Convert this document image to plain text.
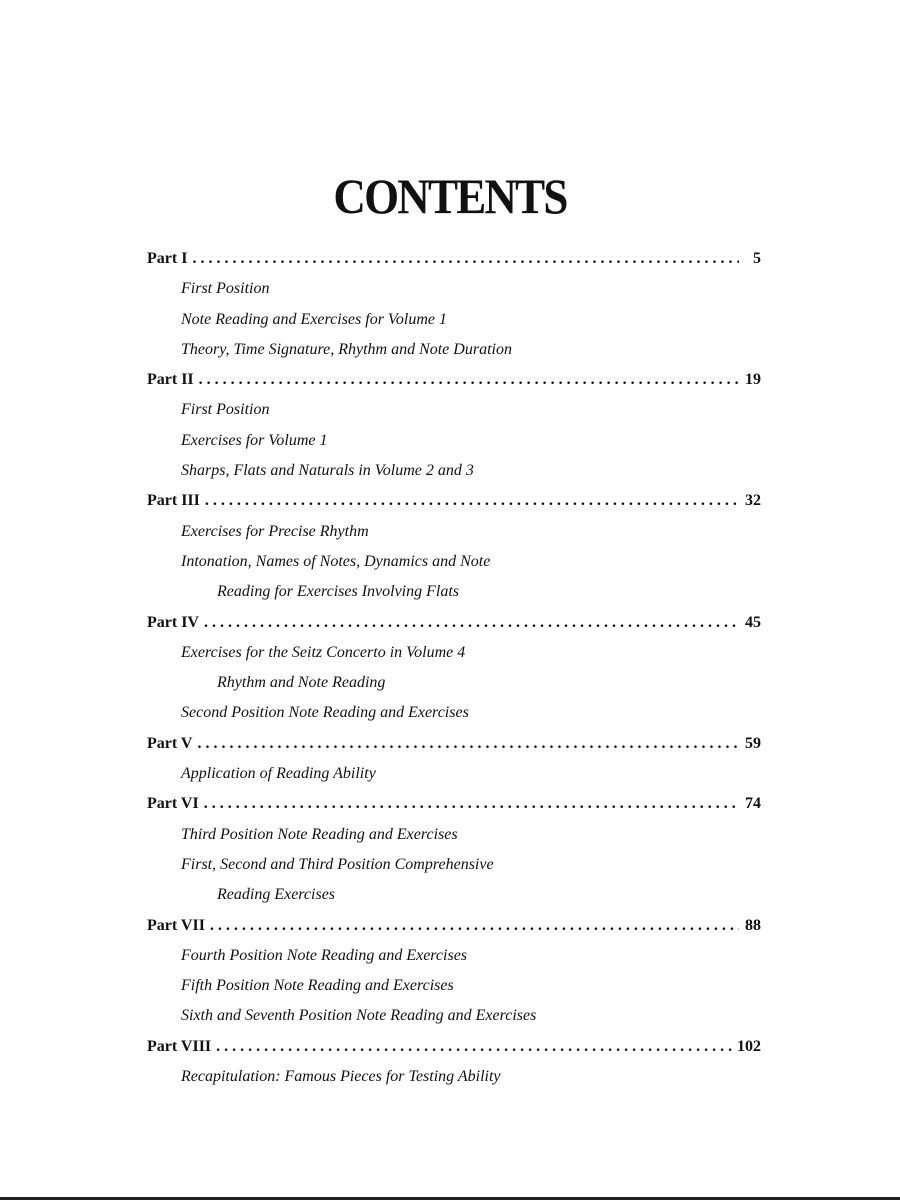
CONTENTS
Part I . . .	5
First Position
Note Reading and Exercises for Volume 1
Theory, Time Signature, Rhythm and Note Duration
Part II . . .	19
First Position
Exercises for Volume 1
Sharps, Flats and Naturals in Volume 2 and 3
Part III . . .	32
Exercises for Precise Rhythm
Intonation, Names of Notes, Dynamics and Note
Reading for Exercises Involving Flats
Part IV . . .	45
Exercises for the Seitz Concerto in Volume 4
Rhythm and Note Reading
Second Position Note Reading and Exercises
Part V . . .	59
Application of Reading Ability
Part VI . . .	74
Third Position Note Reading and Exercises
First, Second and Third Position Comprehensive
Reading Exercises
Part VII . . .	88
Fourth Position Note Reading and Exercises
Fifth Position Note Reading and Exercises
Sixth and Seventh Position Note Reading and Exercises
Part VIII . . .	102
Recapitulation: Famous Pieces for Testing Ability
